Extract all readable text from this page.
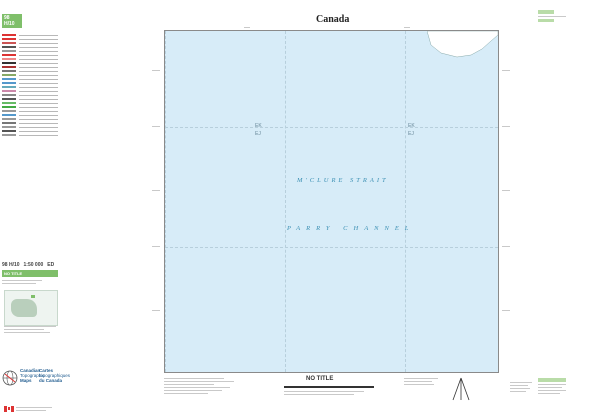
Canada
98 H/10
98 H/10 1:50 000 ED
NO TITLE
Canadian
Topographic
Maps
Cartes
topographiques
du Canada
EK
EJ
EK
EJ
M'CLURE STRAIT
PARRY CHANNEL
NO TITLE
